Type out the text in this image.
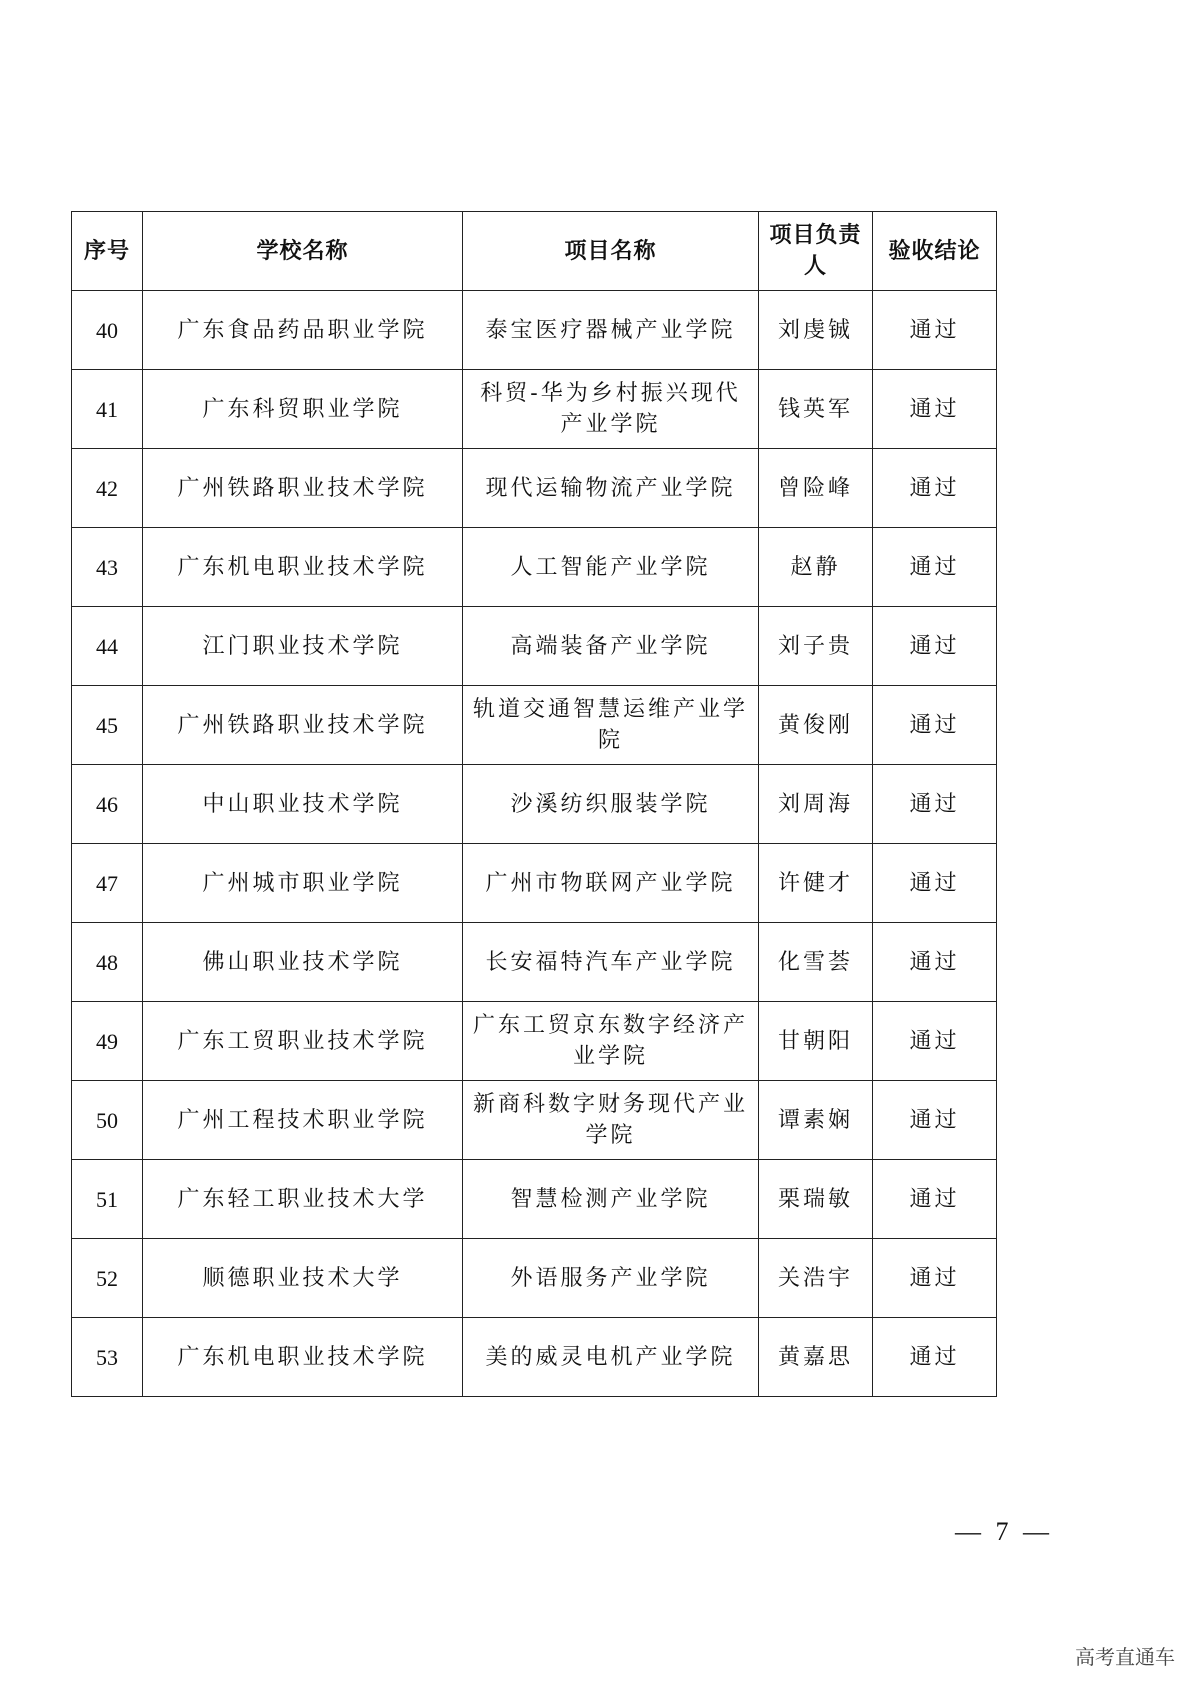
序号	学校名称	项目名称	项目负责人	验收结论
40	广东食品药品职业学院	泰宝医疗器械产业学院	刘虔铖	通过
41	广东科贸职业学院	科贸-华为乡村振兴现代产业学院	钱英军	通过
42	广州铁路职业技术学院	现代运输物流产业学院	曾险峰	通过
43	广东机电职业技术学院	人工智能产业学院	赵静	通过
44	江门职业技术学院	高端装备产业学院	刘子贵	通过
45	广州铁路职业技术学院	轨道交通智慧运维产业学院	黄俊刚	通过
46	中山职业技术学院	沙溪纺织服装学院	刘周海	通过
47	广州城市职业学院	广州市物联网产业学院	许健才	通过
48	佛山职业技术学院	长安福特汽车产业学院	化雪荟	通过
49	广东工贸职业技术学院	广东工贸京东数字经济产业学院	甘朝阳	通过
50	广州工程技术职业学院	新商科数字财务现代产业学院	谭素娴	通过
51	广东轻工职业技术大学	智慧检测产业学院	栗瑞敏	通过
52	顺德职业技术大学	外语服务产业学院	关浩宇	通过
53	广东机电职业技术学院	美的威灵电机产业学院	黄嘉思	通过
— 7 —
高考直通车
